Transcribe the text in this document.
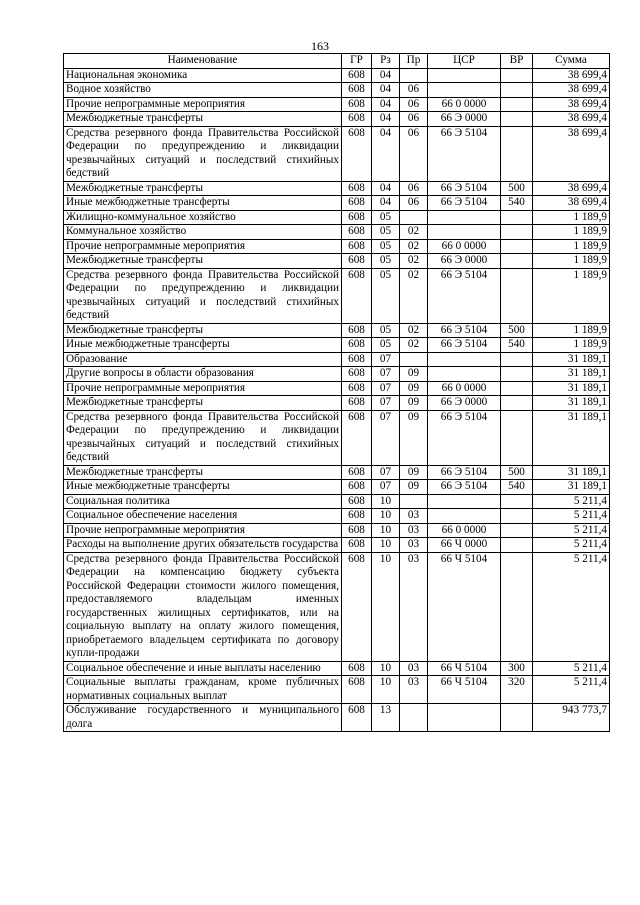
163
Наименование	ГР	Рз	Пр	ЦСР	ВР	Сумма
Национальная экономика	608	04				38 699,4
Водное хозяйство	608	04	06			38 699,4
Прочие непрограммные мероприятия	608	04	06	66 0 0000		38 699,4
Межбюджетные трансферты	608	04	06	66 Э 0000		38 699,4
Средства резервного фонда Правительства Российской Федерации по предупреждению и ликвидации чрезвычайных ситуаций и последствий стихийных бедствий	608	04	06	66 Э 5104		38 699,4
Межбюджетные трансферты	608	04	06	66 Э 5104	500	38 699,4
Иные межбюджетные трансферты	608	04	06	66 Э 5104	540	38 699,4
Жилищно-коммунальное хозяйство	608	05				1 189,9
Коммунальное хозяйство	608	05	02			1 189,9
Прочие непрограммные мероприятия	608	05	02	66 0 0000		1 189,9
Межбюджетные трансферты	608	05	02	66 Э 0000		1 189,9
Средства резервного фонда Правительства Российской Федерации по предупреждению и ликвидации чрезвычайных ситуаций и последствий стихийных бедствий	608	05	02	66 Э 5104		1 189,9
Межбюджетные трансферты	608	05	02	66 Э 5104	500	1 189,9
Иные межбюджетные трансферты	608	05	02	66 Э 5104	540	1 189,9
Образование	608	07				31 189,1
Другие вопросы в области образования	608	07	09			31 189,1
Прочие непрограммные мероприятия	608	07	09	66 0 0000		31 189,1
Межбюджетные трансферты	608	07	09	66 Э 0000		31 189,1
Средства резервного фонда Правительства Российской Федерации по предупреждению и ликвидации чрезвычайных ситуаций и последствий стихийных бедствий	608	07	09	66 Э 5104		31 189,1
Межбюджетные трансферты	608	07	09	66 Э 5104	500	31 189,1
Иные межбюджетные трансферты	608	07	09	66 Э 5104	540	31 189,1
Социальная политика	608	10				5 211,4
Социальное обеспечение населения	608	10	03			5 211,4
Прочие непрограммные мероприятия	608	10	03	66 0 0000		5 211,4
Расходы на выполнение других обязательств государства	608	10	03	66 Ч 0000		5 211,4
Средства резервного фонда Правительства Российской Федерации на компенсацию бюджету субъекта Российской Федерации стоимости жилого помещения, предоставляемого владельцам именных государственных жилищных сертификатов, или на социальную выплату на оплату жилого помещения, приобретаемого владельцем сертификата по договору купли-продажи	608	10	03	66 Ч 5104		5 211,4
Социальное обеспечение и иные выплаты населению	608	10	03	66 Ч 5104	300	5 211,4
Социальные выплаты гражданам, кроме публичных нормативных социальных выплат	608	10	03	66 Ч 5104	320	5 211,4
Обслуживание государственного и муниципального долга	608	13				943 773,7
